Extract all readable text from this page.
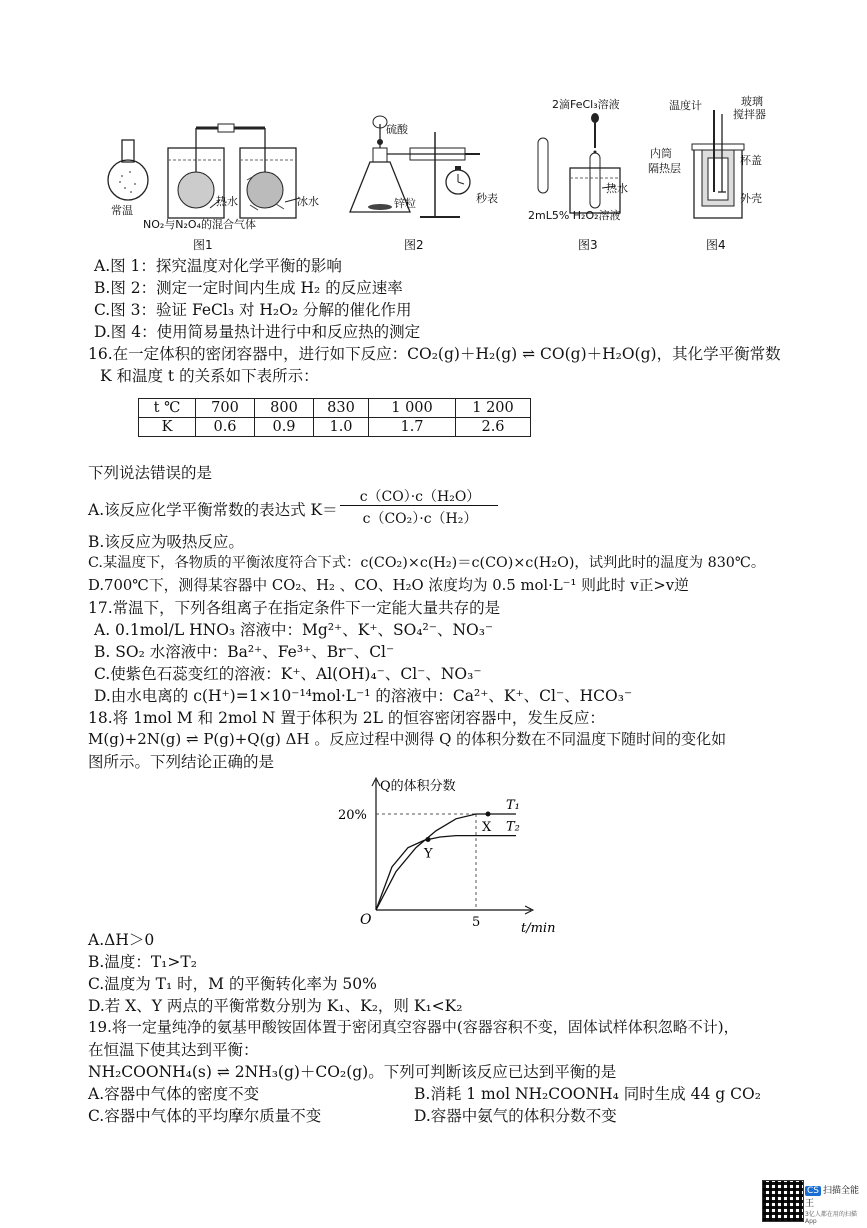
常温
热水	冰水
NO₂与N₂O₄的混合气体
图1
硫酸
锌粒	秒表
图2
2滴FeCl₃溶液
热水
2mL5% H₂O₂溶液
图3
温度计	玻璃
搅拌器
内筒
隔热层
杯盖
外壳
图4
A.图 1：探究温度对化学平衡的影响
B.图 2：测定一定时间内生成 H₂ 的反应速率
C.图 3：验证 FeCl₃ 对 H₂O₂ 分解的催化作用
D.图 4：使用简易量热计进行中和反应热的测定
16.在一定体积的密闭容器中，进行如下反应：CO₂(g)＋H₂(g) ⇌ CO(g)＋H₂O(g)，其化学平衡常数
K 和温度 t 的关系如下表所示：
t ℃	700	800	830	1 000	1 200
K	0.6	0.9	1.0	1.7	2.6
下列说法错误的是
A.该反应化学平衡常数的表达式 K＝
c（CO）·c（H₂O）
c（CO₂）·c（H₂）
B.该反应为吸热反应。
C.某温度下，各物质的平衡浓度符合下式：c(CO₂)×c(H₂)＝c(CO)×c(H₂O)，试判此时的温度为 830℃。
D.700℃下，测得某容器中 CO₂、H₂ 、CO、H₂O 浓度均为 0.5 mol·L⁻¹ 则此时 v正>v逆
17.常温下，下列各组离子在指定条件下一定能大量共存的是
A. 0.1mol/L HNO₃ 溶液中：Mg²⁺、K⁺、SO₄²⁻、NO₃⁻
B. SO₂ 水溶液中：Ba²⁺、Fe³⁺、Br⁻、Cl⁻
C.使紫色石蕊变红的溶液：K⁺、Al(OH)₄⁻、Cl⁻、NO₃⁻
D.由水电离的 c(H⁺)=1×10⁻¹⁴mol·L⁻¹ 的溶液中：Ca²⁺、K⁺、Cl⁻、HCO₃⁻
18.将 1mol M 和 2mol N 置于体积为 2L 的恒容密闭容器中，发生反应：
M(g)+2N(g) ⇌ P(g)+Q(g) ΔH 。反应过程中测得 Q 的体积分数在不同温度下随时间的变化如
图所示。下列结论正确的是
Q的体积分数
t/min
O
20%
5
T₁
T₂
X
Y
A.ΔH＞0
B.温度：T₁>T₂
C.温度为 T₁ 时，M 的平衡转化率为 50%
D.若 X、Y 两点的平衡常数分别为 K₁、K₂，则 K₁<K₂
19.将一定量纯净的氨基甲酸铵固体置于密闭真空容器中(容器容积不变，固体试样体积忽略不计)，
在恒温下使其达到平衡：
NH₂COONH₄(s) ⇌ 2NH₃(g)＋CO₂(g)。下列可判断该反应已达到平衡的是
A.容器中气体的密度不变	B.消耗 1 mol NH₂COONH₄ 同时生成 44 g CO₂
C.容器中气体的平均摩尔质量不变	D.容器中氨气的体积分数不变
CS 扫描全能王
3亿人都在用的扫描App
